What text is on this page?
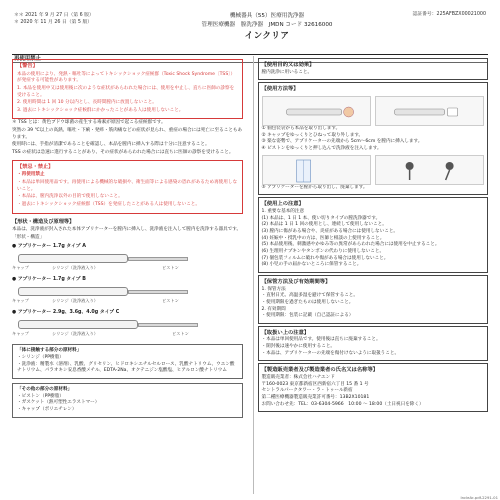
＊＊ 2021 年 9 月 27 日（第 6 版）
＊ 2020 年 11 月 26 日（第 5 版）
機械器具（55）医療用洗浄器
管理医療機器　膣洗浄器　JMDN コード 32616000
インクリア
認証番号：225AFBZX00021000
再使用禁止
【警告】

本品の使用により、発熱・嘔吐等によってトキシックショック症候群（Toxic Shock Syndrome〔TSS〕）が発症する可能性があります。

1. 本品を使用中又は使用後に次のような症状があらわれた場合には、使用を中止し、直ちに医師の診察を受けること。

2. 使用時間は 1 回 10 分以内とし、長時間膣内に放置しないこと。

3. 過去にトキシックショック症候群にかかったことがある人は使用しないこと。

＊ TSS とは：黄色ブドウ球菌の産生する毒素が原因で起こる症候群です。

突然の 39 ℃以上の高熱、嘔吐・下痢・発疹・筋肉痛などの症状が見られ、重症の場合には死亡に至ることもあります。

使用時には、手指が清潔であることを確認し、本品を膣内に挿入する際は十分に注意すること。

TSS の症状は急速に進行することがあり、その症状があらわれた場合には直ちに医師の診察を受けること。

【禁忌・禁止】

・再使用禁止

・本品は単回使用品です。再使用による機械的な破損や、衛生面等による感染の恐れがあるため再使用しないこと。

・本品は、膣内洗浄以外の目的で使用しないこと。

・過去にトキシックショック症候群（TSS）を発症したことがある人は使用しないこと。

【形状・構造及び原理等】

本品は、洗浄液が封入された本体アプリケーターを膣内に挿入し、洗浄液を注入して膣内を洗浄する器具です。

「形状・構造」

● アプリケーター 1.7g タイプ A
キャップ	シリンジ（洗浄液入り）	ピストン
● アプリケーター 1.7g タイプ B
キャップ	シリンジ（洗浄液入り）	ピストン
● アプリケーター 2.9g、3.6g、4.0g タイプ C
キャップ	シリンジ（洗浄液入り）	ピストン
「体に接触する部分の原材料」

・シリンジ（PP樹脂）

・洗浄液：精製水（溶剤）、乳酸、グリセリン、ヒドロキシエチルセルロース、乳酸ナトリウム、ウエン酸ナトリウム、パラオキシ安息香酸メチル、EDTA-2Na、オクテニジン塩酸塩、ヒアルロン酸ナトリウム

「その他の部分の原材料」

・ピストン（PP樹脂）

・ガスケット（熱可塑性エラストマー）

・キャップ（ポリエチレン）

【使用目的又は効果】

膣内洗浄に用いること。

【使用方法等】

① 個包装袋から本品を取り出します。

② キャップをゆっくりとひねって取り外します。

③ 楽な姿勢で、アプリケーターの先端から 5cm〜6cm を膣内に挿入します。

④ ピストンをゆっくりと押し込んで洗浄液を注入します。

⑤ アプリケーターを膣から取り出し、廃棄します。

【使用上の注意】

1. 重要な基本的注意

(1) 本品は、1 日 1 本、使い切りタイプの膣洗浄器です。

(2) 本品は 1 日 1 回の使用とし、連続して使用しないこと。

(3) 膣内に傷がある場合や、炎症がある場合には使用しないこと。

(4) 妊娠中・授乳中の方は、医師と相談の上使用すること。

(5) 本品使用後、刺激感やかゆみ等の異常があらわれた場合には使用を中止すること。

(6) 生理用ナプキンやタンポンの代わりに使用しないこと。

(7) 個包装フィルムに破れや傷がある場合は使用しないこと。

(8) 小児の手の届かないところに保管すること。

【保管方法及び有効期間等】

1. 保管方法

・直射日光、高温多湿を避けて保管すること。

・使用期限を過ぎたものは使用しないこと。

2. 有効期間

・使用期限：包装に記載（自己認証による）

【取扱い上の注意】

・本品は単回使用品です。使用後は直ちに廃棄すること。

・開封後は速やかに使用すること。

・本品は、アプリケーターの先端を傷付けないように取扱うこと。

【製造販売業者及び製造業者の氏名又は名称等】

製造販売業者：株式会社ハナエンド

〒160-0023 東京都新宿区西新宿六丁目 15 番 1 号

セントラルパークタワー・ラ・トゥール新宿

第二種医療機器製造販売業許可番号：13B2X10181

お問い合わせ先：TEL：03-6304-5966　10:00 〜 18:00（土日祝日を除く）

IncleAr-pdf-2291-01
